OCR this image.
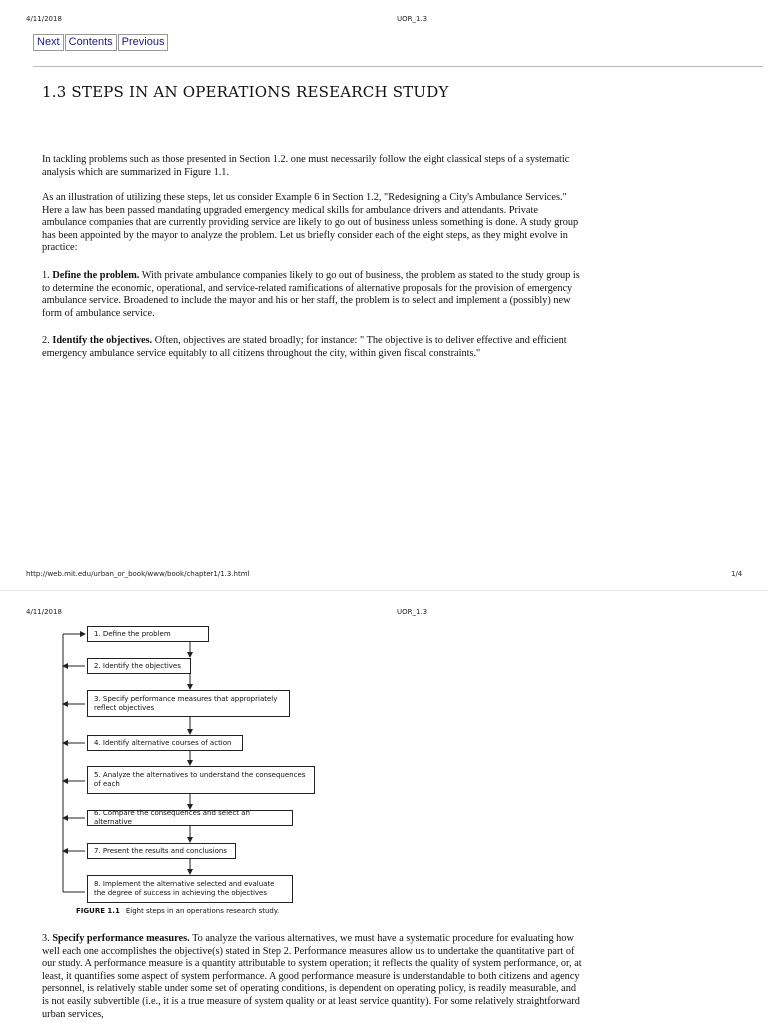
4/11/2018	UOR_1.3
Next Contents Previous
1.3 STEPS IN AN OPERATIONS RESEARCH STUDY

In tackling problems such as those presented in Section 1.2. one must necessarily follow the eight classical steps of a systematic analysis which are summarized in Figure 1.1.

As an illustration of utilizing these steps, let us consider Example 6 in Section 1.2, "Redesigning a City's Ambulance Services." Here a law has been passed mandating upgraded emergency medical skills for ambulance drivers and attendants. Private ambulance companies that are currently providing service are likely to go out of business unless something is done. A study group has been appointed by the mayor to analyze the problem. Let us briefly consider each of the eight steps, as they might evolve in practice:

1. Define the problem. With private ambulance companies likely to go out of business, the problem as stated to the study group is to determine the economic, operational, and service-related ramifications of alternative proposals for the provision of emergency ambulance service. Broadened to include the mayor and his or her staff, the problem is to select and implement a (possibly) new form of ambulance service.

2. Identify the objectives. Often, objectives are stated broadly; for instance: " The objective is to deliver effective and efficient emergency ambulance service equitably to all citizens throughout the city, within given fiscal constraints."

http://web.mit.edu/urban_or_book/www/book/chapter1/1.3.html	1/4
4/11/2018	UOR_1.3
1. Define the problem
2. Identify the objectives
3. Specify performance measures that appropriately reflect objectives
4. Identify alternative courses of action
5. Analyze the alternatives to understand the consequences of each
6. Compare the consequences and select an alternative
7. Present the results and conclusions
8. Implement the alternative selected and evaluate the degree of success in achieving the objectives
FIGURE 1.1 Eight steps in an operations research study.

3. Specify performance measures. To analyze the various alternatives, we must have a systematic procedure for evaluating how well each one accomplishes the objective(s) stated in Step 2. Performance measures allow us to undertake the quantitative part of our study. A performance measure is a quantity attributable to system operation; it reflects the quality of system performance, or, at least, it quantifies some aspect of system performance. A good performance measure is understandable to both citizens and agency personnel, is relatively stable under some set of operating conditions, is dependent on operating policy, is readily measurable, and is not easily subvertible (i.e., it is a true measure of system quality or at least service quantity). For some relatively straightforward urban services,
